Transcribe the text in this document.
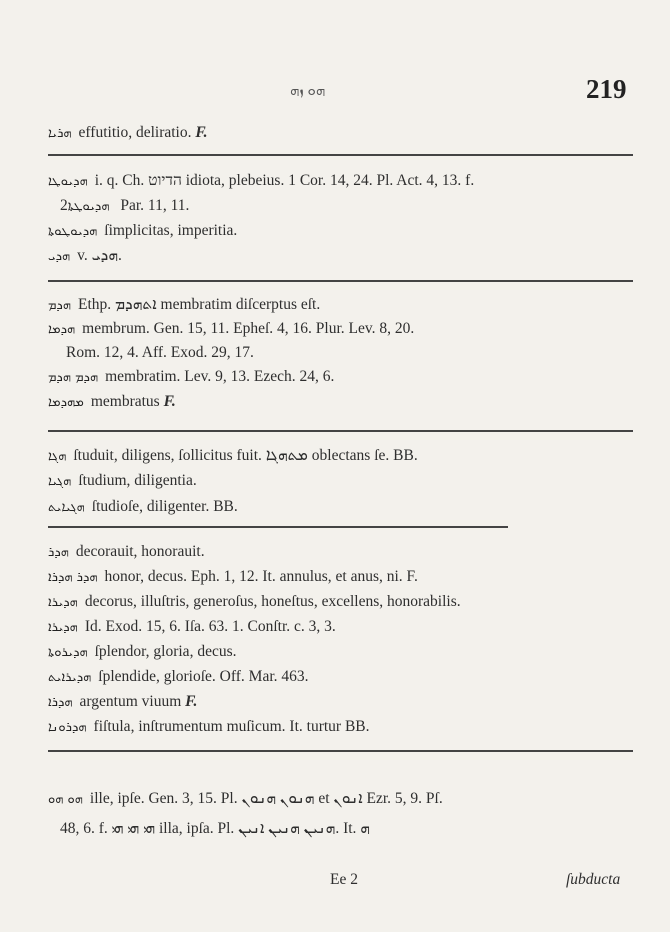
ܗܘ ܙܗ	219
ܗܪܝܐ effutitio, deliratio. F.
ܗܕܝܘܛܐ i. q. Ch. הדיוט idiota, plebeius. 1 Cor. 14, 24. Pl. Act. 4, 13. f.
ܗܕܝܘܛܬܐ2 Par. 11, 11.
ܗܕܝܘܛܘܬܐ ſimplicitas, imperitia.
ܗܕܝ v. ܗܕܝ.
ܗܕܡ Ethp. ܐܬܗܕܡ membratim diſcerptus eſt.
ܗܕܡܐ membrum. Gen. 15, 11. Epheſ. 4, 16. Plur. Lev. 8, 20.
Rom. 12, 4. Aff. Exod. 29, 17.
ܗܕܡ ܗܕܡ membratim. Lev. 9, 13. Ezech. 24, 6.
ܡܗܕܡܐ membratus F.
ܗܓܐ ſtuduit, diligens, ſollicitus fuit. ܡܬܗܓܐ oblectans ſe. BB.
ܗܓܝܐ ſtudium, diligentia.
ܗܓܝܐܝܬ ſtudioſe, diligenter. BB.
ܗܕܪ decorauit, honorauit.
ܗܕܪ ܗܕܪܐ honor, decus. Eph. 1, 12. It. annulus, et anus, ni. F.
ܗܕܝܪܐ decorus, illuſtris, generoſus, honeſtus, excellens, honorabilis.
ܗܕܝܪܐ Id. Exod. 15, 6. Iſa. 63. 1. Conſtr. c. 3, 3.
ܗܕܝܪܘܬܐ ſplendor, gloria, decus.
ܗܕܝܪܐܝܬ ſplendide, glorioſe. Off. Mar. 463.
ܗܕܪܐ argentum viuum F.
ܗܕܪܘܢܐ fiſtula, inſtrumentum muſicum. It. turtur BB.
ܗܘ ܗܘ ille, ipſe. Gen. 3, 15. Pl. ܗܢܘܢ ܗܢܘܢ et ܐܢܘܢ Ezr. 5, 9. Pſ.
48, 6. f. ܗܝ ܗܝ ܗܝ illa, ipſa. Pl. ܗܢܝܢ ܗܢܝܢ ܐܢܝܢ. It. ܗ
Ee 2	ſubducta
